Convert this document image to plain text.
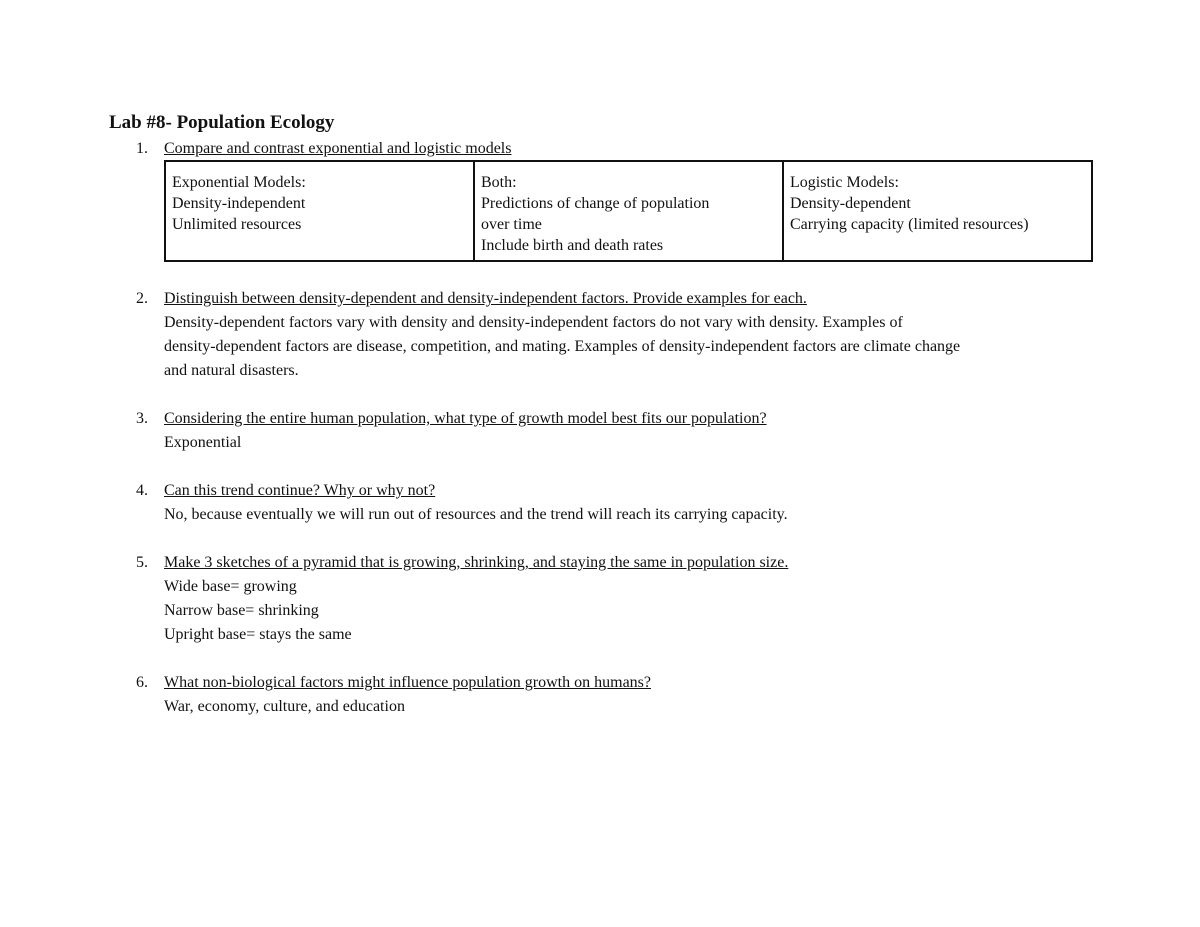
Lab #8- Population Ecology
1. Compare and contrast exponential and logistic models
Exponential Models:
Density-independent
Unlimited resources

Both:
Predictions of change of population
over time
Include birth and death rates

Logistic Models:
Density-dependent
Carrying capacity (limited resources)
2. Distinguish between density-dependent and density-independent factors. Provide examples for each.
Density-dependent factors vary with density and density-independent factors do not vary with density. Examples of
density-dependent factors are disease, competition, and mating. Examples of density-independent factors are climate change
and natural disasters.
3. Considering the entire human population, what type of growth model best fits our population?
Exponential
4. Can this trend continue? Why or why not?
No, because eventually we will run out of resources and the trend will reach its carrying capacity.
5. Make 3 sketches of a pyramid that is growing, shrinking, and staying the same in population size.
Wide base= growing
Narrow base= shrinking
Upright base= stays the same
6. What non-biological factors might influence population growth on humans?
War, economy, culture, and education
